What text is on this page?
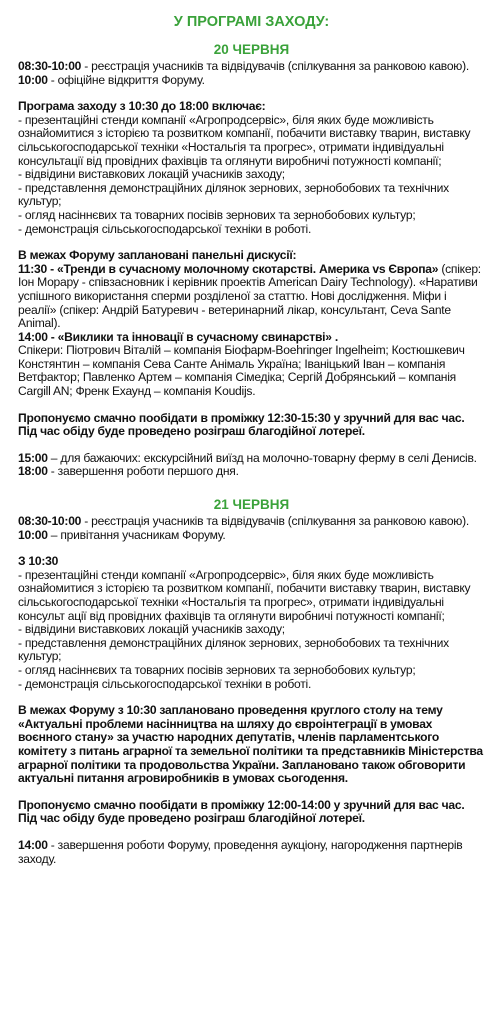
У ПРОГРАМІ ЗАХОДУ:
20 ЧЕРВНЯ

08:30-10:00 - реєстрація учасників та відвідувачів (спілкування за ранковою кавою).

10:00 - офіційне відкриття Форуму.

Програма заходу з 10:30 до 18:00 включає:

- презентаційні стенди компанії «Агропродсервіс», біля яких буде можливість ознайомитися з історією та розвитком компанії, побачити виставку тварин, виставку сільськогосподарської техніки «Ностальгія та прогрес», отримати індивідуальні консультації від провідних фахівців та оглянути виробничі потужності компанії;

- відвідини виставкових локацій учасників заходу;

- представлення демонстраційних ділянок зернових, зернобобових та технічних культур;

- огляд насіннєвих та товарних посівів зернових та зернобобових культур;

- демонстрація сільськогосподарської техніки в роботі.

В межах Форуму заплановані панельні дискусії:

11:30 - «Тренди в сучасному молочному скотарстві. Америка vs Європа» (спікер: Іон Морару - співзасновник і керівник проектів American Dairy Technology). «Наративи успішного використання сперми розділеної за статтю. Нові дослідження. Міфи і реалії» (спікер: Андрій Батуревич - ветеринарний лікар, консультант, Ceva Sante Animal).

14:00 - «Виклики та інновації в сучасному свинарстві» .

Спікери: Піотрович Віталій – компанія Біофарм-Boehringer Ingelheim; Костюшкевич Констянтин – компанія Сева Санте Анімаль Україна; Іваніцький Іван – компанія Ветфактор; Павленко Артем – компанія Сімедіка; Сергій Добрянський – компанія Cargill AN; Френк Ехаунд – компанія Koudijs.

Пропонуємо смачно пообідати в проміжку 12:30-15:30 у зручний для вас час. Під час обіду буде проведено розіграш благодійної лотереї.

15:00 – для бажаючих: екскурсійний виїзд на молочно-товарну ферму в селі Денисів.

18:00 - завершення роботи першого дня.

21 ЧЕРВНЯ

08:30-10:00 - реєстрація учасників та відвідувачів (спілкування за ранковою кавою).

10:00 – привітання учасникам Форуму.

З 10:30

- презентаційні стенди компанії «Агропродсервіс», біля яких буде можливість ознайомитися з історією та розвитком компанії, побачити виставку тварин, виставку сільськогосподарської техніки «Ностальгія та прогрес», отримати індивідуальні консульт ації від провідних фахівців та оглянути виробничі потужності компанії;

- відвідини виставкових локацій учасників заходу;

- представлення демонстраційних ділянок зернових, зернобобових та технічних культур;

- огляд насіннєвих та товарних посівів зернових та зернобобових культур;

- демонстрація сільськогосподарської техніки в роботі.

В межах Форуму з 10:30 заплановано проведення круглого столу на тему «Актуальні проблеми насінництва на шляху до євроінтеграції в умовах воєнного стану» за участю народних депутатів, членів парламентського комітету з питань аграрної та земельної політики та представників Міністерства аграрної політики та продовольства України. Заплановано також обговорити актуальні питання агровиробників в умовах сьогодення.

Пропонуємо смачно пообідати в проміжку 12:00-14:00 у зручний для вас час. Під час обіду буде проведено розіграш благодійної лотереї.

14:00 - завершення роботи Форуму, проведення аукціону, нагородження партнерів заходу.
